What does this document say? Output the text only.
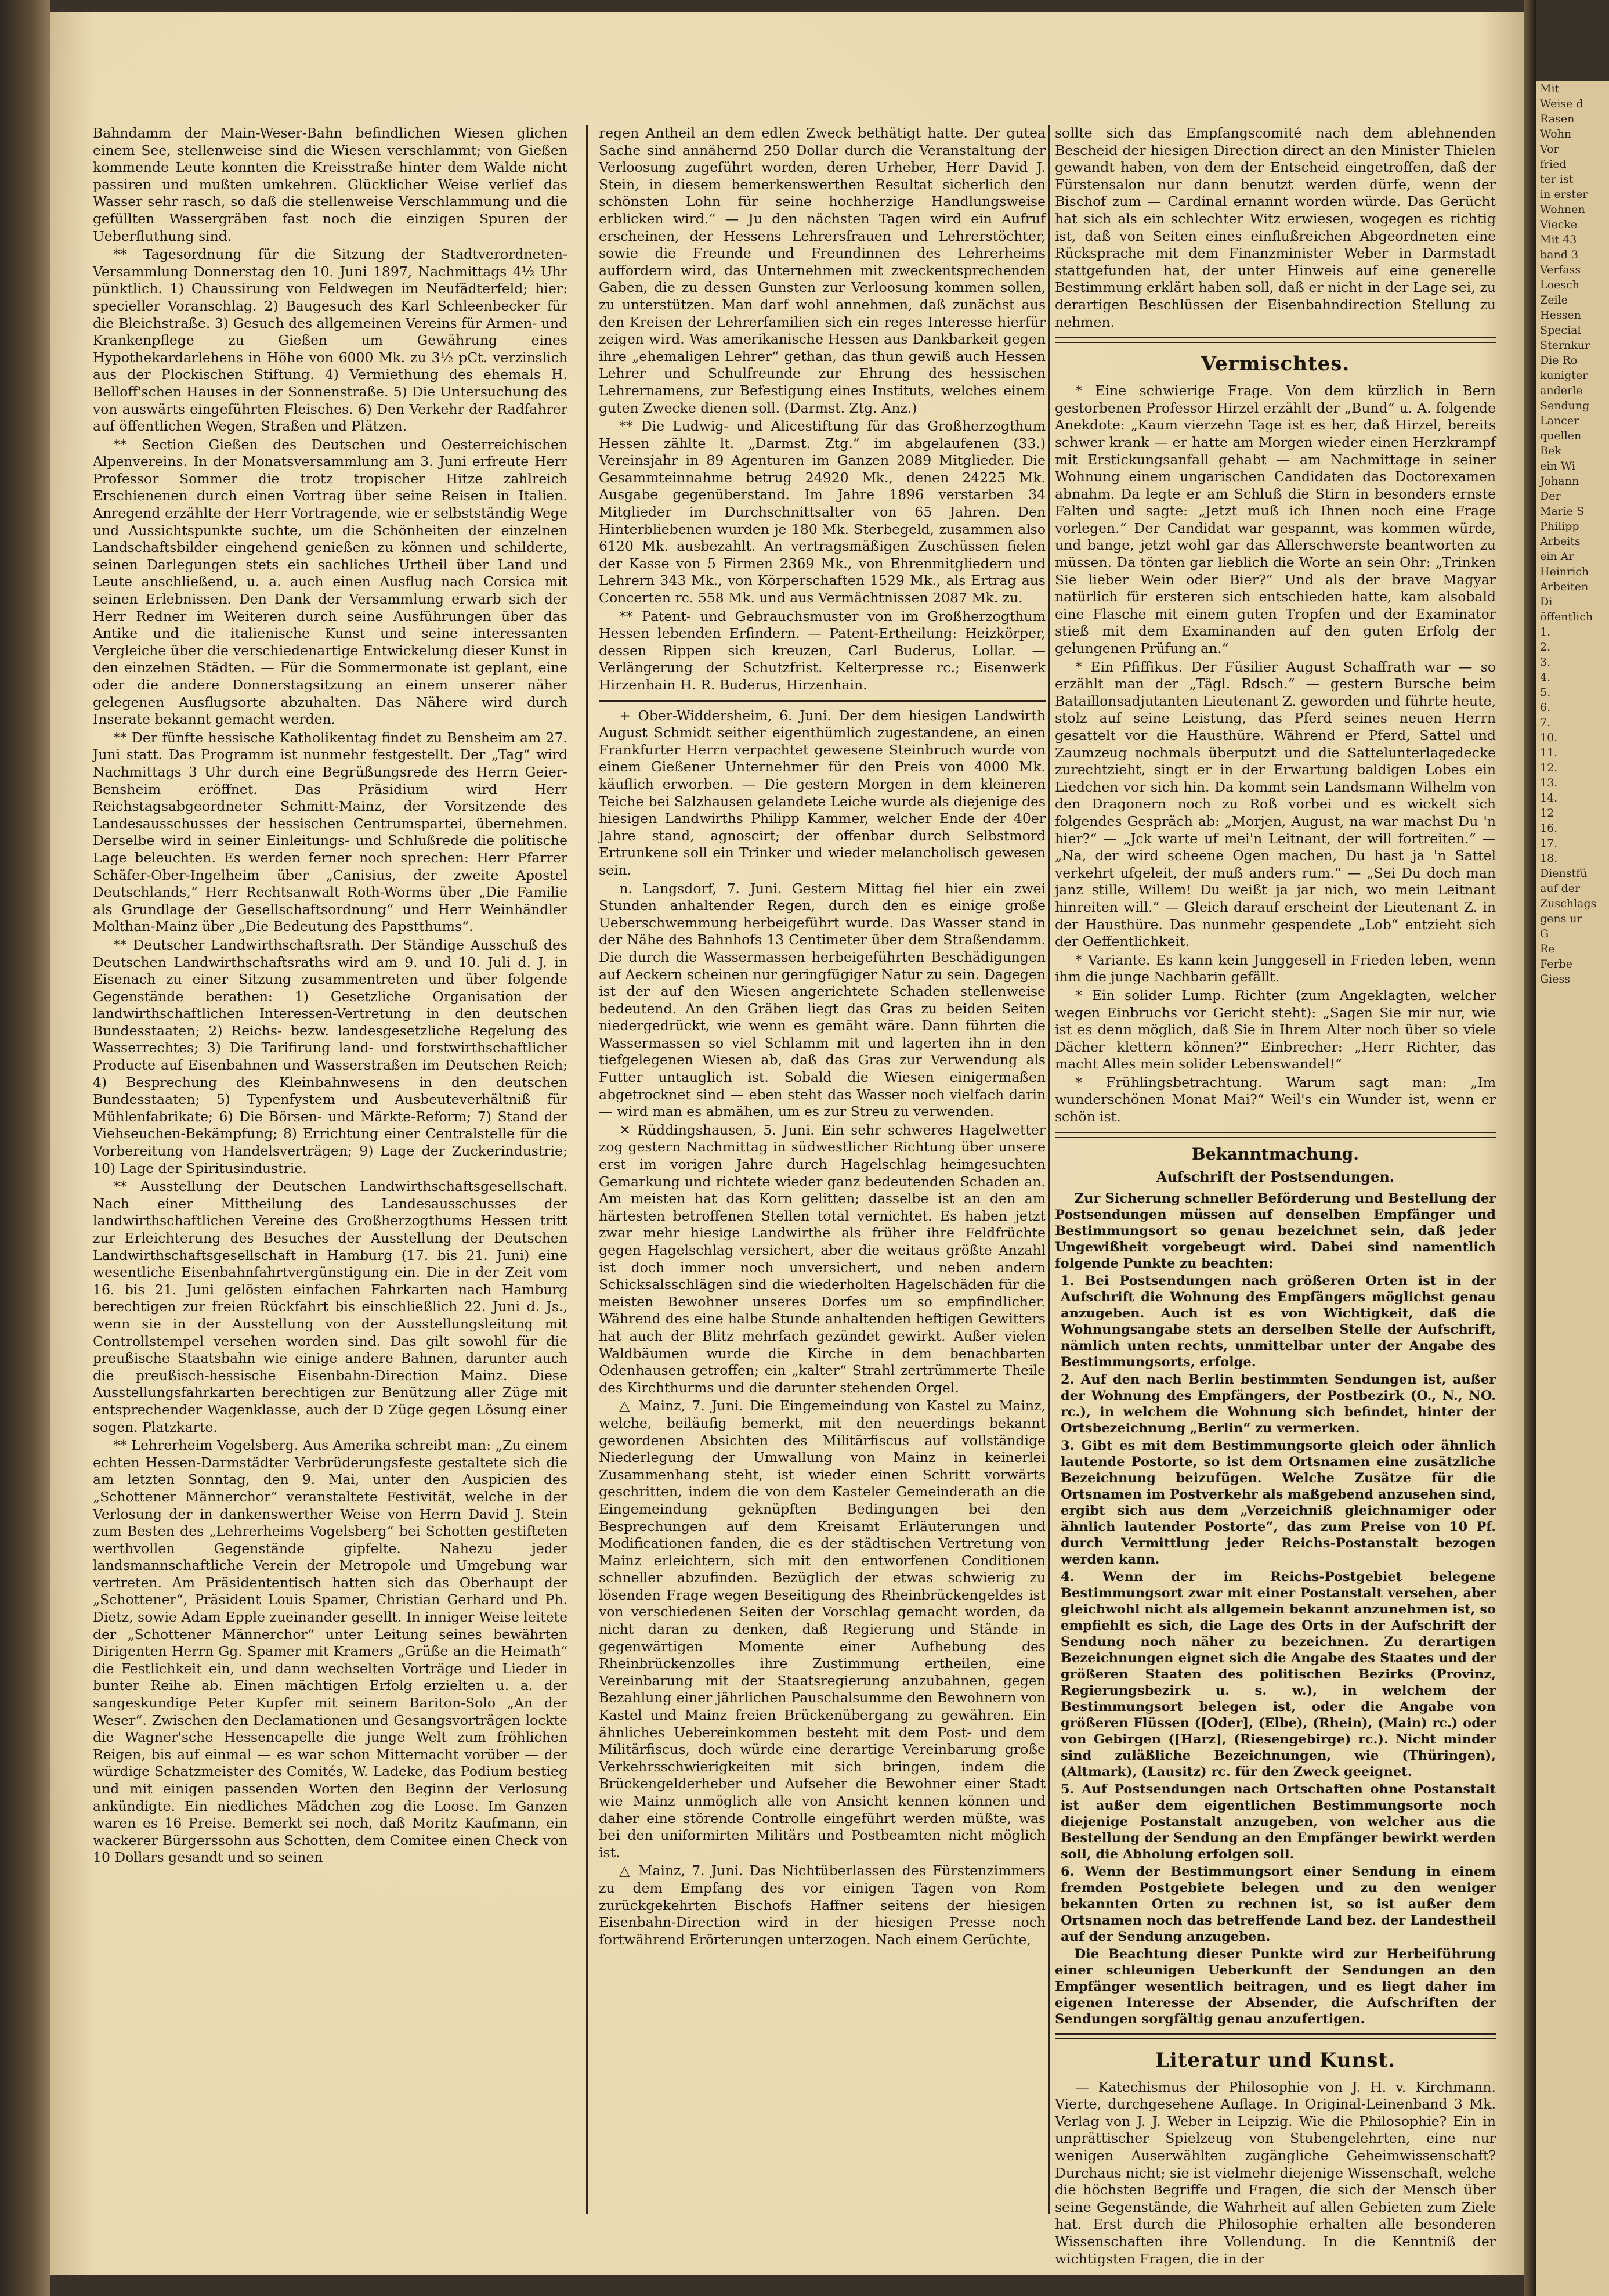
Bahndamm der Main-Weser-Bahn befindlichen Wiesen glichen einem See, stellenweise sind die Wiesen verschlammt; von Gießen kommende Leute konnten die Kreisstraße hinter dem Walde nicht passiren und mußten umkehren. Glücklicher Weise verlief das Wasser sehr rasch, so daß die stellenweise Verschlammung und die gefüllten Wassergräben fast noch die einzigen Spuren der Ueberfluthung sind.

** Tagesordnung für die Sitzung der Stadtverordneten-Versammlung Donnerstag den 10. Juni 1897, Nachmittags 4½ Uhr pünktlich. 1) Chaussirung von Feldwegen im Neufädterfeld; hier: specieller Voranschlag. 2) Baugesuch des Karl Schleenbecker für die Bleichstraße. 3) Gesuch des allgemeinen Vereins für Armen- und Krankenpflege zu Gießen um Gewährung eines Hypothekardarlehens in Höhe von 6000 Mk. zu 3½ pCt. verzinslich aus der Plockischen Stiftung. 4) Vermiethung des ehemals H. Belloff'schen Hauses in der Sonnenstraße. 5) Die Untersuchung des von auswärts eingeführten Fleisches. 6) Den Verkehr der Radfahrer auf öffentlichen Wegen, Straßen und Plätzen.

** Section Gießen des Deutschen und Oesterreichischen Alpenvereins. In der Monatsversammlung am 3. Juni erfreute Herr Professor Sommer die trotz tropischer Hitze zahlreich Erschienenen durch einen Vortrag über seine Reisen in Italien. Anregend erzählte der Herr Vortragende, wie er selbstständig Wege und Aussichtspunkte suchte, um die Schönheiten der einzelnen Landschaftsbilder eingehend genießen zu können und schilderte, seinen Darlegungen stets ein sachliches Urtheil über Land und Leute anschließend, u. a. auch einen Ausflug nach Corsica mit seinen Erlebnissen. Den Dank der Versammlung erwarb sich der Herr Redner im Weiteren durch seine Ausführungen über das Antike und die italienische Kunst und seine interessanten Vergleiche über die verschiedenartige Entwickelung dieser Kunst in den einzelnen Städten. — Für die Sommermonate ist geplant, eine oder die andere Donnerstagsitzung an einem unserer näher gelegenen Ausflugsorte abzuhalten. Das Nähere wird durch Inserate bekannt gemacht werden.

** Der fünfte hessische Katholikentag findet zu Bensheim am 27. Juni statt. Das Programm ist nunmehr festgestellt. Der „Tag“ wird Nachmittags 3 Uhr durch eine Begrüßungsrede des Herrn Geier-Bensheim eröffnet. Das Präsidium wird Herr Reichstagsabgeordneter Schmitt-Mainz, der Vorsitzende des Landesausschusses der hessischen Centrumspartei, übernehmen. Derselbe wird in seiner Einleitungs- und Schlußrede die politische Lage beleuchten. Es werden ferner noch sprechen: Herr Pfarrer Schäfer-Ober-Ingelheim über „Canisius, der zweite Apostel Deutschlands,“ Herr Rechtsanwalt Roth-Worms über „Die Familie als Grundlage der Gesellschaftsordnung“ und Herr Weinhändler Molthan-Mainz über „Die Bedeutung des Papstthums“.

** Deutscher Landwirthschaftsrath. Der Ständige Ausschuß des Deutschen Landwirthschaftsraths wird am 9. und 10. Juli d. J. in Eisenach zu einer Sitzung zusammentreten und über folgende Gegenstände berathen: 1) Gesetzliche Organisation der landwirthschaftlichen Interessen-Vertretung in den deutschen Bundesstaaten; 2) Reichs- bezw. landesgesetzliche Regelung des Wasserrechtes; 3) Die Tarifirung land- und forstwirthschaftlicher Producte auf Eisenbahnen und Wasserstraßen im Deutschen Reich; 4) Besprechung des Kleinbahnwesens in den deutschen Bundesstaaten; 5) Typenfystem und Ausbeuteverhältniß für Mühlenfabrikate; 6) Die Börsen- und Märkte-Reform; 7) Stand der Viehseuchen-Bekämpfung; 8) Errichtung einer Centralstelle für die Vorbereitung von Handelsverträgen; 9) Lage der Zuckerindustrie; 10) Lage der Spiritusindustrie.

** Ausstellung der Deutschen Landwirthschaftsgesellschaft. Nach einer Mittheilung des Landesausschusses der landwirthschaftlichen Vereine des Großherzogthums Hessen tritt zur Erleichterung des Besuches der Ausstellung der Deutschen Landwirthschaftsgesellschaft in Hamburg (17. bis 21. Juni) eine wesentliche Eisenbahnfahrtvergünstigung ein. Die in der Zeit vom 16. bis 21. Juni gelösten einfachen Fahrkarten nach Hamburg berechtigen zur freien Rückfahrt bis einschließlich 22. Juni d. Js., wenn sie in der Ausstellung von der Ausstellungsleitung mit Controllstempel versehen worden sind. Das gilt sowohl für die preußische Staatsbahn wie einige andere Bahnen, darunter auch die preußisch-hessische Eisenbahn-Direction Mainz. Diese Ausstellungsfahrkarten berechtigen zur Benützung aller Züge mit entsprechender Wagenklasse, auch der D Züge gegen Lösung einer sogen. Platzkarte.

** Lehrerheim Vogelsberg. Aus Amerika schreibt man: „Zu einem echten Hessen-Darmstädter Verbrüderungsfeste gestaltete sich die am letzten Sonntag, den 9. Mai, unter den Auspicien des „Schottener Männerchor“ veranstaltete Festivität, welche in der Verlosung der in dankenswerther Weise von Herrn David J. Stein zum Besten des „Lehrerheims Vogelsberg“ bei Schotten gestifteten werthvollen Gegenstände gipfelte. Nahezu jeder landsmannschaftliche Verein der Metropole und Umgebung war vertreten. Am Präsidententisch hatten sich das Oberhaupt der „Schottener“, Präsident Louis Spamer, Christian Gerhard und Ph. Dietz, sowie Adam Epple zueinander gesellt. In inniger Weise leitete der „Schottener Männerchor“ unter Leitung seines bewährten Dirigenten Herrn Gg. Spamer mit Kramers „Grüße an die Heimath“ die Festlichkeit ein, und dann wechselten Vorträge und Lieder in bunter Reihe ab. Einen mächtigen Erfolg erzielten u. a. der sangeskundige Peter Kupfer mit seinem Bariton-Solo „An der Weser“. Zwischen den Declamationen und Gesangsvorträgen lockte die Wagner'sche Hessencapelle die junge Welt zum fröhlichen Reigen, bis auf einmal — es war schon Mitternacht vorüber — der würdige Schatzmeister des Comités, W. Ladeke, das Podium bestieg und mit einigen passenden Worten den Beginn der Verlosung ankündigte. Ein niedliches Mädchen zog die Loose. Im Ganzen waren es 16 Preise. Bemerkt sei noch, daß Moritz Kaufmann, ein wackerer Bürgerssohn aus Schotten, dem Comitee einen Check von 10 Dollars gesandt und so seinen

regen Antheil an dem edlen Zweck bethätigt hatte. Der gutea Sache sind annähernd 250 Dollar durch die Veranstaltung der Verloosung zugeführt worden, deren Urheber, Herr David J. Stein, in diesem bemerkenswerthen Resultat sicherlich den schönsten Lohn für seine hochherzige Handlungsweise erblicken wird.“ — Ju den nächsten Tagen wird ein Aufruf erscheinen, der Hessens Lehrersfrauen und Lehrerstöchter, sowie die Freunde und Freundinnen des Lehrerheims auffordern wird, das Unternehmen mit zweckentsprechenden Gaben, die zu dessen Gunsten zur Verloosung kommen sollen, zu unterstützen. Man darf wohl annehmen, daß zunächst aus den Kreisen der Lehrerfamilien sich ein reges Interesse hierfür zeigen wird. Was amerikanische Hessen aus Dankbarkeit gegen ihre „ehemaligen Lehrer“ gethan, das thun gewiß auch Hessen Lehrer und Schulfreunde zur Ehrung des hessischen Lehrernamens, zur Befestigung eines Instituts, welches einem guten Zwecke dienen soll. (Darmst. Ztg. Anz.)

** Die Ludwig- und Alicestiftung für das Großherzogthum Hessen zählte lt. „Darmst. Ztg.“ im abgelaufenen (33.) Vereinsjahr in 89 Agenturen im Ganzen 2089 Mitglieder. Die Gesammteinnahme betrug 24920 Mk., denen 24225 Mk. Ausgabe gegenüberstand. Im Jahre 1896 verstarben 34 Mitglieder im Durchschnittsalter von 65 Jahren. Den Hinterbliebenen wurden je 180 Mk. Sterbegeld, zusammen also 6120 Mk. ausbezahlt. An vertragsmäßigen Zuschüssen fielen der Kasse von 5 Firmen 2369 Mk., von Ehrenmitgliedern und Lehrern 343 Mk., von Körperschaften 1529 Mk., als Ertrag aus Concerten rc. 558 Mk. und aus Vermächtnissen 2087 Mk. zu.

** Patent- und Gebrauchsmuster von im Großherzogthum Hessen lebenden Erfindern. — Patent-Ertheilung: Heizkörper, dessen Rippen sich kreuzen, Carl Buderus, Lollar. — Verlängerung der Schutzfrist. Kelterpresse rc.; Eisenwerk Hirzenhain H. R. Buderus, Hirzenhain.

+ Ober-Widdersheim, 6. Juni. Der dem hiesigen Landwirth August Schmidt seither eigenthümlich zugestandene, an einen Frankfurter Herrn verpachtet gewesene Steinbruch wurde von einem Gießener Unternehmer für den Preis von 4000 Mk. käuflich erworben. — Die gestern Morgen in dem kleineren Teiche bei Salzhausen gelandete Leiche wurde als diejenige des hiesigen Landwirths Philipp Kammer, welcher Ende der 40er Jahre stand, agnoscirt; der offenbar durch Selbstmord Ertrunkene soll ein Trinker und wieder melancholisch gewesen sein.

n. Langsdorf, 7. Juni. Gestern Mittag fiel hier ein zwei Stunden anhaltender Regen, durch den es einige große Ueberschwemmung herbeigeführt wurde. Das Wasser stand in der Nähe des Bahnhofs 13 Centimeter über dem Straßendamm. Die durch die Wassermassen herbeigeführten Beschädigungen auf Aeckern scheinen nur geringfügiger Natur zu sein. Dagegen ist der auf den Wiesen angerichtete Schaden stellenweise bedeutend. An den Gräben liegt das Gras zu beiden Seiten niedergedrückt, wie wenn es gemäht wäre. Dann führten die Wassermassen so viel Schlamm mit und lagerten ihn in den tiefgelegenen Wiesen ab, daß das Gras zur Verwendung als Futter untauglich ist. Sobald die Wiesen einigermaßen abgetrocknet sind — eben steht das Wasser noch vielfach darin — wird man es abmähen, um es zur Streu zu verwenden.

✕ Rüddingshausen, 5. Juni. Ein sehr schweres Hagelwetter zog gestern Nachmittag in südwestlicher Richtung über unsere erst im vorigen Jahre durch Hagelschlag heimgesuchten Gemarkung und richtete wieder ganz bedeutenden Schaden an. Am meisten hat das Korn gelitten; dasselbe ist an den am härtesten betroffenen Stellen total vernichtet. Es haben jetzt zwar mehr hiesige Landwirthe als früher ihre Feldfrüchte gegen Hagelschlag versichert, aber die weitaus größte Anzahl ist doch immer noch unversichert, und neben andern Schicksalsschlägen sind die wiederholten Hagelschäden für die meisten Bewohner unseres Dorfes um so empfindlicher. Während des eine halbe Stunde anhaltenden heftigen Gewitters hat auch der Blitz mehrfach gezündet gewirkt. Außer vielen Waldbäumen wurde die Kirche in dem benachbarten Odenhausen getroffen; ein „kalter“ Strahl zertrümmerte Theile des Kirchthurms und die darunter stehenden Orgel.

△ Mainz, 7. Juni. Die Eingemeindung von Kastel zu Mainz, welche, beiläufig bemerkt, mit den neuerdings bekannt gewordenen Absichten des Militärfiscus auf vollständige Niederlegung der Umwallung von Mainz in keinerlei Zusammenhang steht, ist wieder einen Schritt vorwärts geschritten, indem die von dem Kasteler Gemeinderath an die Eingemeindung geknüpften Bedingungen bei den Besprechungen auf dem Kreisamt Erläuterungen und Modificationen fanden, die es der städtischen Vertretung von Mainz erleichtern, sich mit den entworfenen Conditionen schneller abzufinden. Bezüglich der etwas schwierig zu lösenden Frage wegen Beseitigung des Rheinbrückengeldes ist von verschiedenen Seiten der Vorschlag gemacht worden, da nicht daran zu denken, daß Regierung und Stände in gegenwärtigen Momente einer Aufhebung des Rheinbrückenzolles ihre Zustimmung ertheilen, eine Vereinbarung mit der Staatsregierung anzubahnen, gegen Bezahlung einer jährlichen Pauschalsumme den Bewohnern von Kastel und Mainz freien Brückenübergang zu gewähren. Ein ähnliches Uebereinkommen besteht mit dem Post- und dem Militärfiscus, doch würde eine derartige Vereinbarung große Verkehrsschwierigkeiten mit sich bringen, indem die Brückengelderheber und Aufseher die Bewohner einer Stadt wie Mainz unmöglich alle von Ansicht kennen können und daher eine störende Controlle eingeführt werden müßte, was bei den uniformirten Militärs und Postbeamten nicht möglich ist.

△ Mainz, 7. Juni. Das Nichtüberlassen des Fürstenzimmers zu dem Empfang des vor einigen Tagen von Rom zurückgekehrten Bischofs Haffner seitens der hiesigen Eisenbahn-Direction wird in der hiesigen Presse noch fortwährend Erörterungen unterzogen. Nach einem Gerüchte,

sollte sich das Empfangscomité nach dem ablehnenden Bescheid der hiesigen Direction direct an den Minister Thielen gewandt haben, von dem der Entscheid eingetroffen, daß der Fürstensalon nur dann benutzt werden dürfe, wenn der Bischof zum — Cardinal ernannt worden würde. Das Gerücht hat sich als ein schlechter Witz erwiesen, wogegen es richtig ist, daß von Seiten eines einflußreichen Abgeordneten eine Rücksprache mit dem Finanzminister Weber in Darmstadt stattgefunden hat, der unter Hinweis auf eine generelle Bestimmung erklärt haben soll, daß er nicht in der Lage sei, zu derartigen Beschlüssen der Eisenbahndirection Stellung zu nehmen.

Vermischtes.

* Eine schwierige Frage. Von dem kürzlich in Bern gestorbenen Professor Hirzel erzählt der „Bund“ u. A. folgende Anekdote: „Kaum vierzehn Tage ist es her, daß Hirzel, bereits schwer krank — er hatte am Morgen wieder einen Herzkrampf mit Erstickungsanfall gehabt — am Nachmittage in seiner Wohnung einem ungarischen Candidaten das Doctorexamen abnahm. Da legte er am Schluß die Stirn in besonders ernste Falten und sagte: „Jetzt muß ich Ihnen noch eine Frage vorlegen.“ Der Candidat war gespannt, was kommen würde, und bange, jetzt wohl gar das Allerschwerste beantworten zu müssen. Da tönten gar lieblich die Worte an sein Ohr: „Trinken Sie lieber Wein oder Bier?“ Und als der brave Magyar natürlich für ersteren sich entschieden hatte, kam alsobald eine Flasche mit einem guten Tropfen und der Examinator stieß mit dem Examinanden auf den guten Erfolg der gelungenen Prüfung an.“

* Ein Pfiffikus. Der Füsilier August Schaffrath war — so erzählt man der „Tägl. Rdsch.“ — gestern Bursche beim Bataillonsadjutanten Lieutenant Z. geworden und führte heute, stolz auf seine Leistung, das Pferd seines neuen Herrn gesattelt vor die Hausthüre. Während er Pferd, Sattel und Zaumzeug nochmals überputzt und die Sattelunterlagedecke zurechtzieht, singt er in der Erwartung baldigen Lobes ein Liedchen vor sich hin. Da kommt sein Landsmann Wilhelm von den Dragonern noch zu Roß vorbei und es wickelt sich folgendes Gespräch ab: „Morjen, August, na war machst Du 'n hier?“ — „Jck warte uf mei'n Leitnant, der will fortreiten.“ — „Na, der wird scheene Ogen machen, Du hast ja 'n Sattel verkehrt ufgeleit, der muß anders rum.“ — „Sei Du doch man janz stille, Willem! Du weißt ja jar nich, wo mein Leitnant hinreiten will.“ — Gleich darauf erscheint der Lieutenant Z. in der Hausthüre. Das nunmehr gespendete „Lob“ entzieht sich der Oeffentlichkeit.

* Variante. Es kann kein Junggesell in Frieden leben, wenn ihm die junge Nachbarin gefällt.

* Ein solider Lump. Richter (zum Angeklagten, welcher wegen Einbruchs vor Gericht steht): „Sagen Sie mir nur, wie ist es denn möglich, daß Sie in Ihrem Alter noch über so viele Dächer klettern können?“ Einbrecher: „Herr Richter, das macht Alles mein solider Lebenswandel!“

* Frühlingsbetrachtung. Warum sagt man: „Im wunderschönen Monat Mai?“ Weil's ein Wunder ist, wenn er schön ist.

Bekanntmachung.
Aufschrift der Postsendungen.

Zur Sicherung schneller Beförderung und Bestellung der Postsendungen müssen auf denselben Empfänger und Bestimmungsort so genau bezeichnet sein, daß jeder Ungewißheit vorgebeugt wird. Dabei sind namentlich folgende Punkte zu beachten:

1. Bei Postsendungen nach größeren Orten ist in der Aufschrift die Wohnung des Empfängers möglichst genau anzugeben. Auch ist es von Wichtigkeit, daß die Wohnungsangabe stets an derselben Stelle der Aufschrift, nämlich unten rechts, unmittelbar unter der Angabe des Bestimmungsorts, erfolge.
2. Auf den nach Berlin bestimmten Sendungen ist, außer der Wohnung des Empfängers, der Postbezirk (O., N., NO. rc.), in welchem die Wohnung sich befindet, hinter der Ortsbezeichnung „Berlin“ zu vermerken.
3. Gibt es mit dem Bestimmungsorte gleich oder ähnlich lautende Postorte, so ist dem Ortsnamen eine zusätzliche Bezeichnung beizufügen. Welche Zusätze für die Ortsnamen im Postverkehr als maßgebend anzusehen sind, ergibt sich aus dem „Verzeichniß gleichnamiger oder ähnlich lautender Postorte“, das zum Preise von 10 Pf. durch Vermittlung jeder Reichs-Postanstalt bezogen werden kann.
4. Wenn der im Reichs-Postgebiet belegene Bestimmungsort zwar mit einer Postanstalt versehen, aber gleichwohl nicht als allgemein bekannt anzunehmen ist, so empfiehlt es sich, die Lage des Orts in der Aufschrift der Sendung noch näher zu bezeichnen. Zu derartigen Bezeichnungen eignet sich die Angabe des Staates und der größeren Staaten des politischen Bezirks (Provinz, Regierungsbezirk u. s. w.), in welchem der Bestimmungsort belegen ist, oder die Angabe von größeren Flüssen ([Oder], (Elbe), (Rhein), (Main) rc.) oder von Gebirgen ([Harz], (Riesengebirge) rc.). Nicht minder sind zuläßliche Bezeichnungen, wie (Thüringen), (Altmark), (Lausitz) rc. für den Zweck geeignet.
5. Auf Postsendungen nach Ortschaften ohne Postanstalt ist außer dem eigentlichen Bestimmungsorte noch diejenige Postanstalt anzugeben, von welcher aus die Bestellung der Sendung an den Empfänger bewirkt werden soll, die Abholung erfolgen soll.
6. Wenn der Bestimmungsort einer Sendung in einem fremden Postgebiete belegen und zu den weniger bekannten Orten zu rechnen ist, so ist außer dem Ortsnamen noch das betreffende Land bez. der Landestheil auf der Sendung anzugeben.

Die Beachtung dieser Punkte wird zur Herbeiführung einer schleunigen Ueberkunft der Sendungen an den Empfänger wesentlich beitragen, und es liegt daher im eigenen Interesse der Absender, die Aufschriften der Sendungen sorgfältig genau anzufertigen.

Literatur und Kunst.

— Katechismus der Philosophie von J. H. v. Kirchmann. Vierte, durchgesehene Auflage. In Original-Leinenband 3 Mk. Verlag von J. J. Weber in Leipzig. Wie die Philosophie? Ein in unprättischer Spielzeug von Stubengelehrten, eine nur wenigen Auserwählten zugängliche Geheimwissenschaft? Durchaus nicht; sie ist vielmehr diejenige Wissenschaft, welche die höchsten Begriffe und Fragen, die sich der Mensch über seine Gegenstände, die Wahrheit auf allen Gebieten zum Ziele hat. Erst durch die Philosophie erhalten alle besonderen Wissenschaften ihre Vollendung. In die Kenntniß der wichtigsten Fragen, die in der

Mit
Weise d
Rasen
Wohn
Vor
fried
ter ist
in erster
Wohnen
Viecke
Mit 43
band 3
Verfass
Loesch
Zeile
Hessen
Special
Sternkur
Die Ro
kunigter
anderle
Sendung
Lancer
quellen
Bek
ein Wi
Johann
Der
Marie S
Philipp
Arbeits
ein Ar
Heinrich
Arbeiten
Di
öffentlich
1.
2.
3.
4.
5.
6.
7.
10.
11.
12.
13.
14.
12
16.
17.
18.
Dienstfü
auf der
Zuschlags
gens ur
G
Re
Ferbe
Giess
